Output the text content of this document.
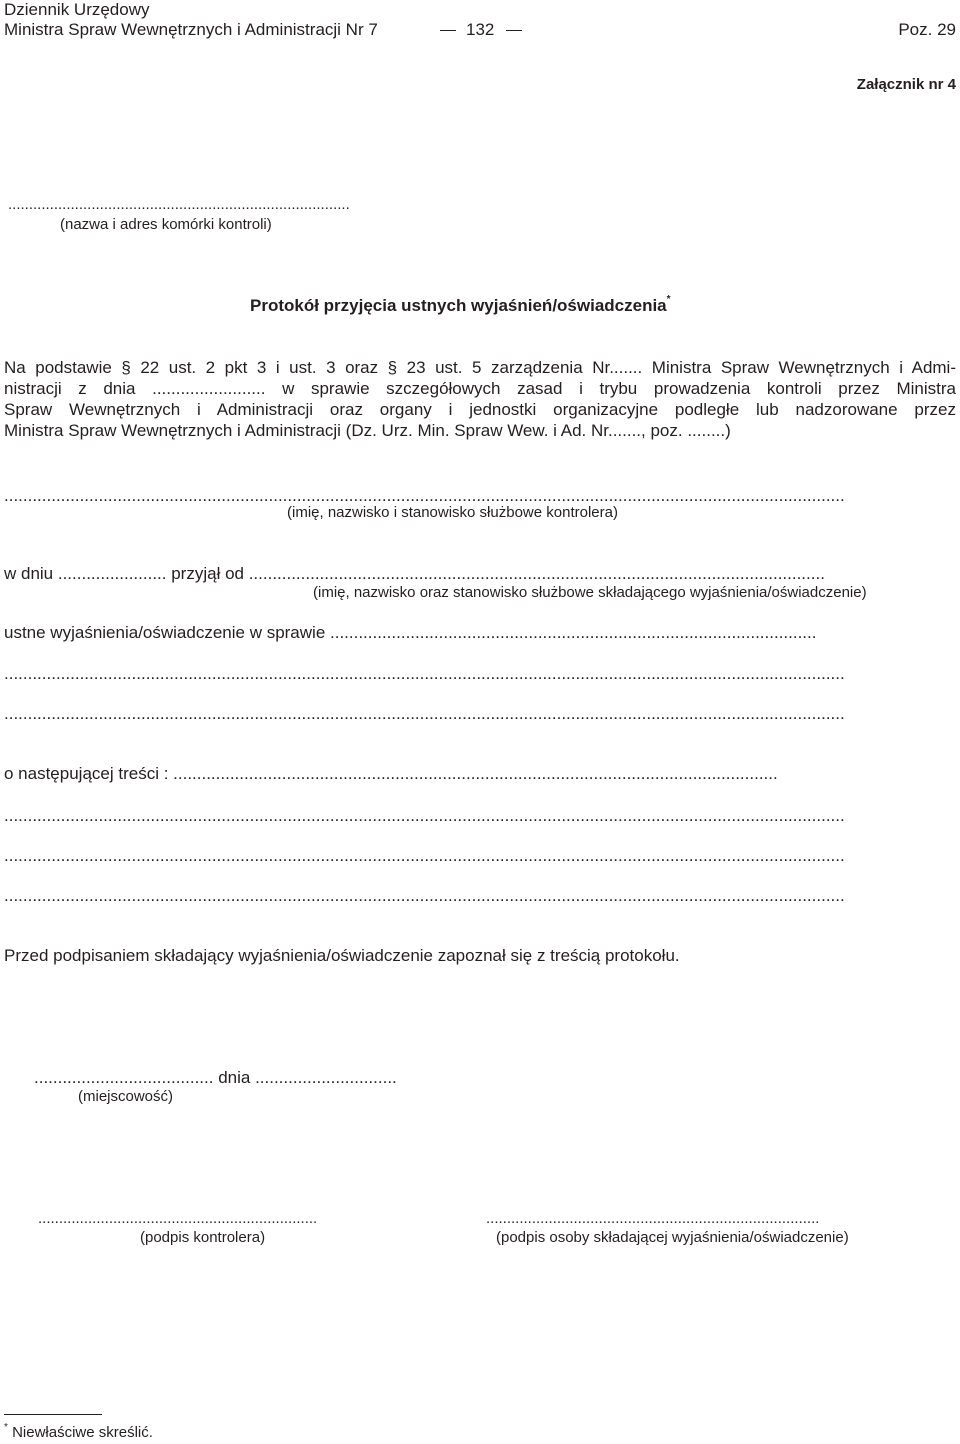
Dziennik Urzędowy
Ministra Spraw Wewnętrznych i Administracji Nr 7	132	Poz. 29
Załącznik nr 4
..................................................................................
(nazwa i adres komórki kontroli)
Protokół przyjęcia ustnych wyjaśnień/oświadczenia*
Na podstawie § 22 ust. 2 pkt 3 i ust. 3 oraz § 23 ust. 5 zarządzenia Nr....... Ministra Spraw Wewnętrznych i Admi-
nistracji z dnia ........................ w sprawie szczegółowych zasad i trybu prowadzenia kontroli przez Ministra
Spraw Wewnętrznych i Administracji oraz organy i jednostki organizacyjne podległe lub nadzorowane przez
Ministra Spraw Wewnętrznych i Administracji (Dz. Urz. Min. Spraw Wew. i Ad. Nr......., poz. ........)
..................................................................................................................................................................................
(imię, nazwisko i stanowisko służbowe kontrolera)
w dniu ....................... przyjął od ..........................................................................................................................
(imię, nazwisko oraz stanowisko służbowe składającego wyjaśnienia/oświadczenie)
ustne wyjaśnienia/oświadczenie w sprawie .......................................................................................................
..................................................................................................................................................................................
..................................................................................................................................................................................
o następującej treści : ................................................................................................................................
..................................................................................................................................................................................
..................................................................................................................................................................................
..................................................................................................................................................................................
Przed podpisaniem składający wyjaśnienia/oświadczenie zapoznał się z treścią protokołu.
...................................... dnia ..............................
(miejscowość)
...................................................................
(podpis kontrolera)
................................................................................
(podpis osoby składającej wyjaśnienia/oświadczenie)
* Niewłaściwe skreślić.
